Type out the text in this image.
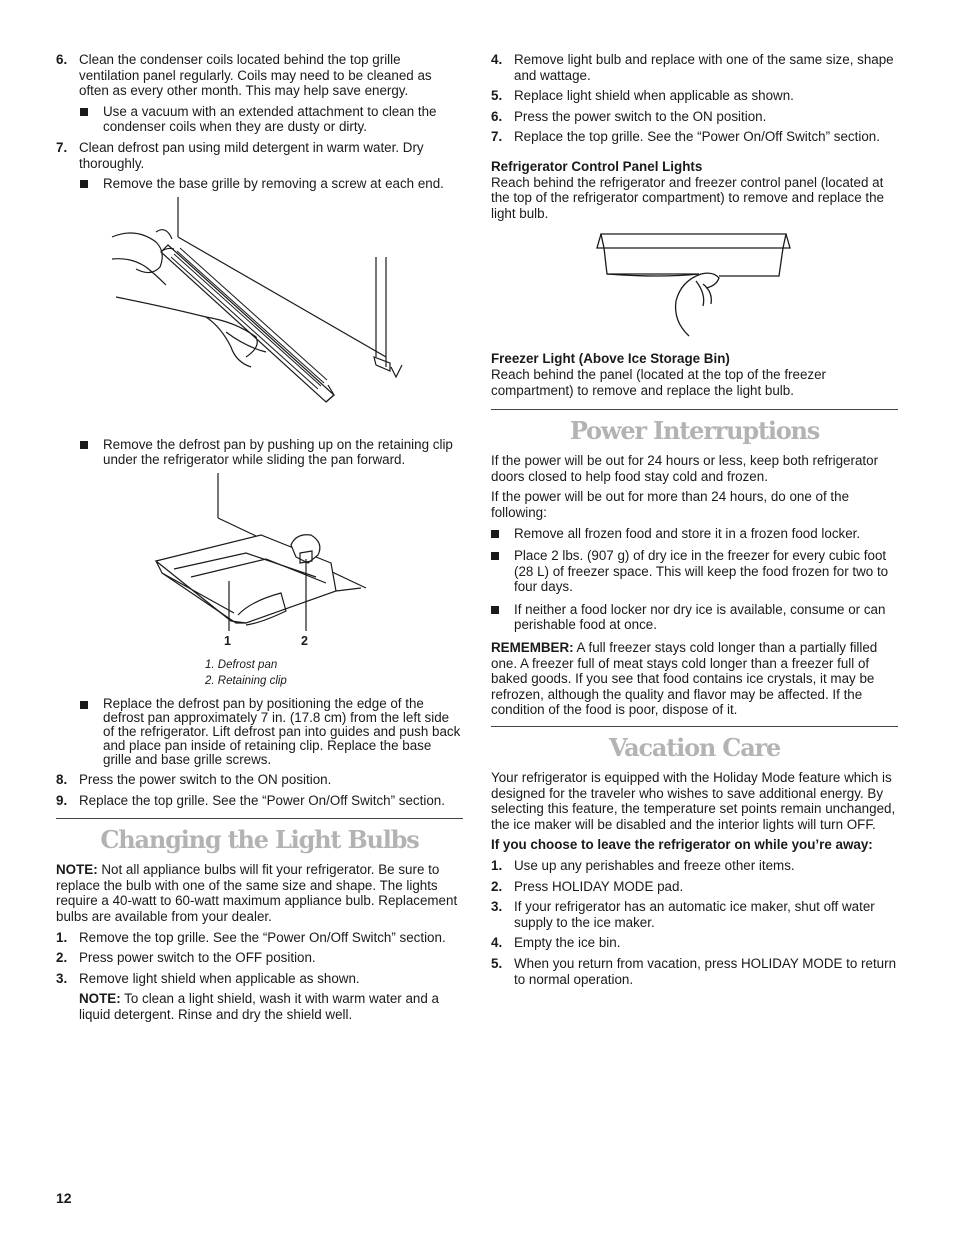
6. Clean the condenser coils located behind the top grille ventilation panel regularly. Coils may need to be cleaned as often as every other month. This may help save energy.
Use a vacuum with an extended attachment to clean the condenser coils when they are dusty or dirty.
7. Clean defrost pan using mild detergent in warm water. Dry thoroughly.
Remove the base grille by removing a screw at each end.
Remove the defrost pan by pushing up on the retaining clip under the refrigerator while sliding the pan forward.
1	2
1. Defrost pan
2. Retaining clip
Replace the defrost pan by positioning the edge of the defrost pan approximately 7 in. (17.8 cm) from the left side of the refrigerator. Lift defrost pan into guides and push back and place pan inside of retaining clip. Replace the base grille and base grille screws.
8. Press the power switch to the ON position.
9. Replace the top grille. See the “Power On/Off Switch” section.
Changing the Light Bulbs

NOTE: Not all appliance bulbs will fit your refrigerator. Be sure to replace the bulb with one of the same size and shape. The lights require a 40-watt to 60-watt maximum appliance bulb. Replacement bulbs are available from your dealer.

1. Remove the top grille. See the “Power On/Off Switch” section.
2. Press power switch to the OFF position.
3. Remove light shield when applicable as shown.

NOTE: To clean a light shield, wash it with warm water and a liquid detergent. Rinse and dry the shield well.

4. Remove light bulb and replace with one of the same size, shape and wattage.
5. Replace light shield when applicable as shown.
6. Press the power switch to the ON position.
7. Replace the top grille. See the “Power On/Off Switch” section.
Refrigerator Control Panel Lights

Reach behind the refrigerator and freezer control panel (located at the top of the refrigerator compartment) to remove and replace the light bulb.

Freezer Light (Above Ice Storage Bin)

Reach behind the panel (located at the top of the freezer compartment) to remove and replace the light bulb.

Power Interruptions

If the power will be out for 24 hours or less, keep both refrigerator doors closed to help food stay cold and frozen.

If the power will be out for more than 24 hours, do one of the following:

Remove all frozen food and store it in a frozen food locker.
Place 2 lbs. (907 g) of dry ice in the freezer for every cubic foot (28 L) of freezer space. This will keep the food frozen for two to four days.
If neither a food locker nor dry ice is available, consume or can perishable food at once.

REMEMBER: A full freezer stays cold longer than a partially filled one. A freezer full of meat stays cold longer than a freezer full of baked goods. If you see that food contains ice crystals, it may be refrozen, although the quality and flavor may be affected. If the condition of the food is poor, dispose of it.

Vacation Care

Your refrigerator is equipped with the Holiday Mode feature which is designed for the traveler who wishes to save additional energy. By selecting this feature, the temperature set points remain unchanged, the ice maker will be disabled and the interior lights will turn OFF.

If you choose to leave the refrigerator on while you’re away:
1. Use up any perishables and freeze other items.
2. Press HOLIDAY MODE pad.
3. If your refrigerator has an automatic ice maker, shut off water supply to the ice maker.
4. Empty the ice bin.
5. When you return from vacation, press HOLIDAY MODE to return to normal operation.
12
